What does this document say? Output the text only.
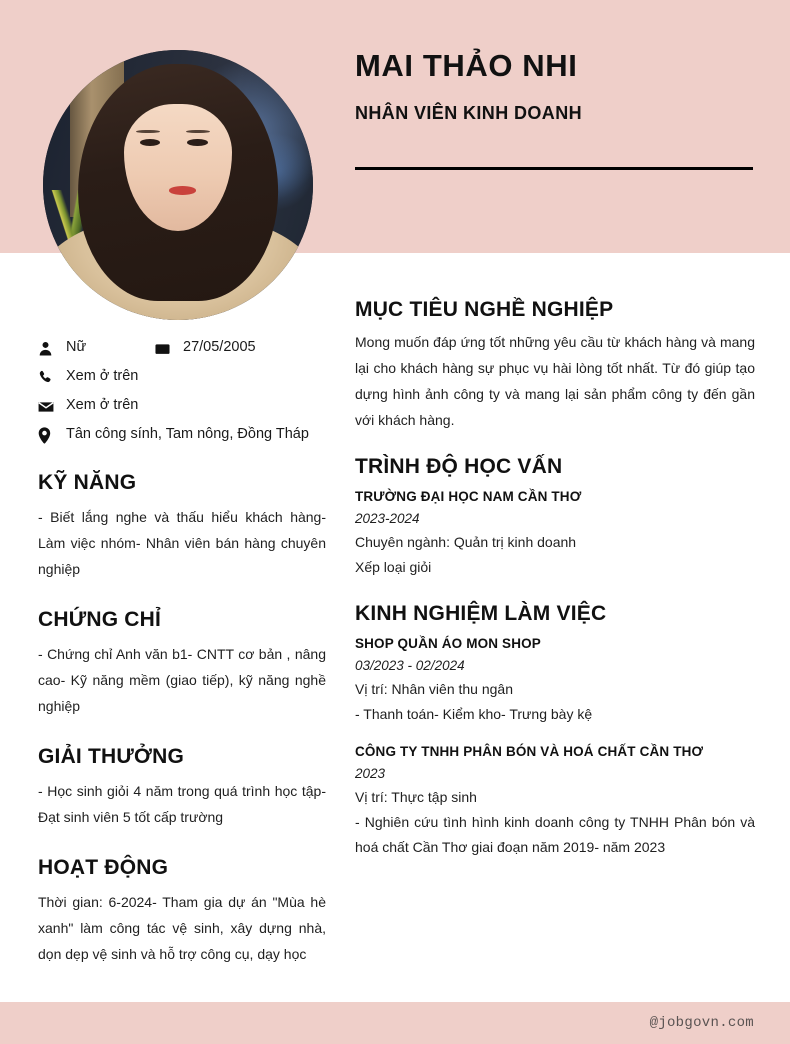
MAI THẢO NHI
NHÂN VIÊN KINH DOANH
Nữ	27/05/2005
Xem ở trên
Xem ở trên
Tân công sính, Tam nông, Đồng Tháp
KỸ NĂNG
- Biết lắng nghe và thấu hiểu khách hàng- Làm việc nhóm- Nhân viên bán hàng chuyên nghiệp
CHỨNG CHỈ
- Chứng chỉ Anh văn b1- CNTT cơ bản , nâng cao- Kỹ năng mềm (giao tiếp), kỹ năng nghề nghiệp
GIẢI THƯỞNG
- Học sinh giỏi 4 năm trong quá trình học tập- Đạt sinh viên 5 tốt cấp trường
HOẠT ĐỘNG
Thời gian: 6-2024- Tham gia dự án "Mùa hè xanh" làm công tác vệ sinh, xây dựng nhà, dọn dẹp vệ sinh và hỗ trợ công cụ, dạy học
MỤC TIÊU NGHỀ NGHIỆP
Mong muốn đáp ứng tốt những yêu cầu từ khách hàng và mang lại cho khách hàng sự phục vụ hài lòng tốt nhất. Từ đó giúp tạo dựng hình ảnh công ty và mang lại sản phẩm công ty đến gần với khách hàng.
TRÌNH ĐỘ HỌC VẤN
TRƯỜNG ĐẠI HỌC NAM CẦN THƠ
2023-2024
Chuyên ngành: Quản trị kinh doanh
Xếp loại giỏi
KINH NGHIỆM LÀM VIỆC
SHOP QUẦN ÁO MON SHOP
03/2023 - 02/2024
Vị trí: Nhân viên thu ngân
- Thanh toán- Kiểm kho- Trưng bày kệ
CÔNG TY TNHH PHÂN BÓN VÀ HOÁ CHẤT CẦN THƠ
2023
Vị trí: Thực tập sinh
- Nghiên cứu tình hình kinh doanh công ty TNHH Phân bón và hoá chất Cần Thơ giai đoạn năm 2019- năm 2023
@jobgovn.com
